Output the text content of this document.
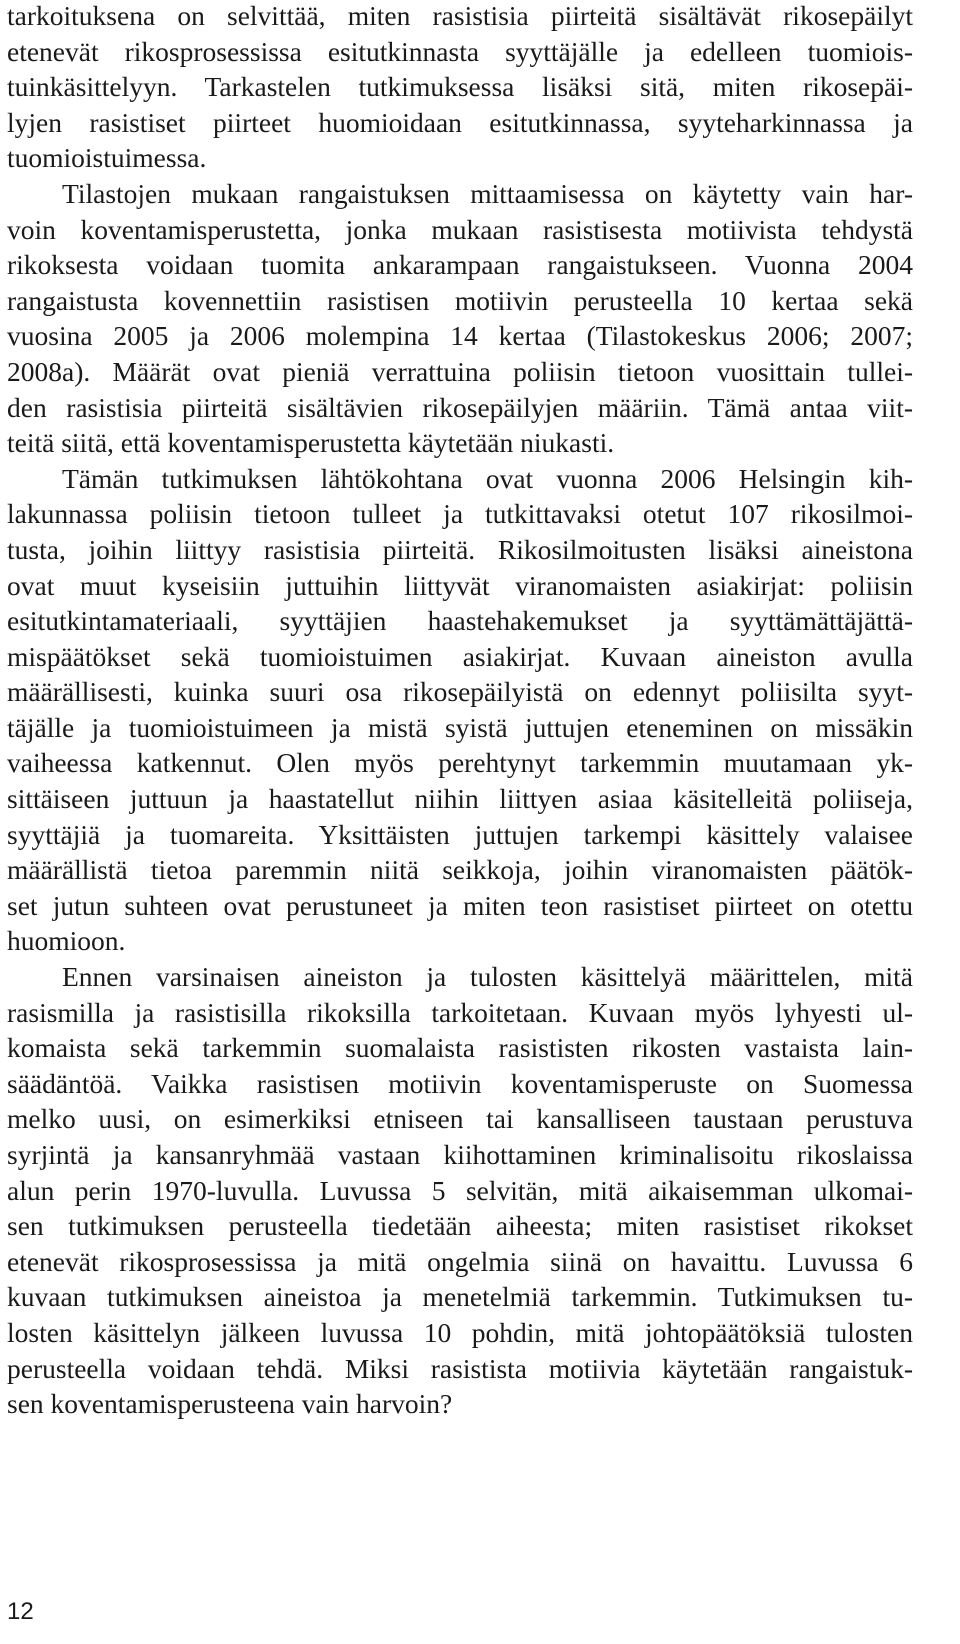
tarkoituksena on selvittää, miten rasistisia piirteitä sisältävät rikosepäilyt
etenevät rikosprosessissa esitutkinnasta syyttäjälle ja edelleen tuomiois-
tuinkäsittelyyn. Tarkastelen tutkimuksessa lisäksi sitä, miten rikosepäi-
lyjen rasistiset piirteet huomioidaan esitutkinnassa, syyteharkinnassa ja
tuomioistuimessa.
Tilastojen mukaan rangaistuksen mittaamisessa on käytetty vain har-
voin koventamisperustetta, jonka mukaan rasistisesta motiivista tehdystä
rikoksesta voidaan tuomita ankarampaan rangaistukseen. Vuonna 2004
rangaistusta kovennettiin rasistisen motiivin perusteella 10 kertaa sekä
vuosina 2005 ja 2006 molempina 14 kertaa (Tilastokeskus 2006; 2007;
2008a). Määrät ovat pieniä verrattuina poliisin tietoon vuosittain tullei-
den rasistisia piirteitä sisältävien rikosepäilyjen määriin. Tämä antaa viit-
teitä siitä, että koventamisperustetta käytetään niukasti.
Tämän tutkimuksen lähtökohtana ovat vuonna 2006 Helsingin kih-
lakunnassa poliisin tietoon tulleet ja tutkittavaksi otetut 107 rikosilmoi-
tusta, joihin liittyy rasistisia piirteitä. Rikosilmoitusten lisäksi aineistona
ovat muut kyseisiin juttuihin liittyvät viranomaisten asiakirjat: poliisin
esitutkintamateriaali, syyttäjien haastehakemukset ja syyttämättäjättä-
mispäätökset sekä tuomioistuimen asiakirjat. Kuvaan aineiston avulla
määrällisesti, kuinka suuri osa rikosepäilyistä on edennyt poliisilta syyt-
täjälle ja tuomioistuimeen ja mistä syistä juttujen eteneminen on missäkin
vaiheessa katkennut. Olen myös perehtynyt tarkemmin muutamaan yk-
sittäiseen juttuun ja haastatellut niihin liittyen asiaa käsitelleitä poliiseja,
syyttäjiä ja tuomareita. Yksittäisten juttujen tarkempi käsittely valaisee
määrällistä tietoa paremmin niitä seikkoja, joihin viranomaisten päätök-
set jutun suhteen ovat perustuneet ja miten teon rasistiset piirteet on otettu
huomioon.
Ennen varsinaisen aineiston ja tulosten käsittelyä määrittelen, mitä
rasismilla ja rasistisilla rikoksilla tarkoitetaan. Kuvaan myös lyhyesti ul-
komaista sekä tarkemmin suomalaista rasististen rikosten vastaista lain-
säädäntöä. Vaikka rasistisen motiivin koventamisperuste on Suomessa
melko uusi, on esimerkiksi etniseen tai kansalliseen taustaan perustuva
syrjintä ja kansanryhmää vastaan kiihottaminen kriminalisoitu rikoslaissa
alun perin 1970-luvulla. Luvussa 5 selvitän, mitä aikaisemman ulkomai-
sen tutkimuksen perusteella tiedetään aiheesta; miten rasistiset rikokset
etenevät rikosprosessissa ja mitä ongelmia siinä on havaittu. Luvussa 6
kuvaan tutkimuksen aineistoa ja menetelmiä tarkemmin. Tutkimuksen tu-
losten käsittelyn jälkeen luvussa 10 pohdin, mitä johtopäätöksiä tulosten
perusteella voidaan tehdä. Miksi rasistista motiivia käytetään rangaistuk-
sen koventamisperusteena vain harvoin?
12
